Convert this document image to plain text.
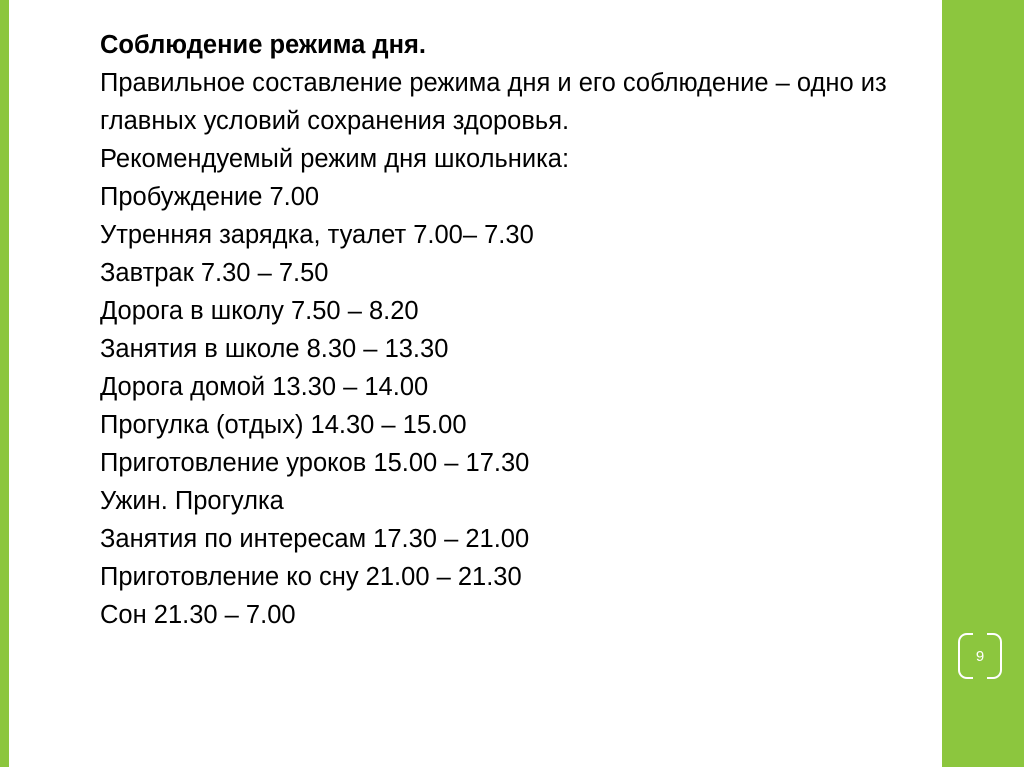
9
Соблюдение режима дня.
Правильное составление режима дня и его соблюдение – одно из главных условий сохранения здоровья.
Рекомендуемый режим дня школьника:
Пробуждение 7.00
Утренняя зарядка, туалет 7.00– 7.30
Завтрак 7.30 – 7.50
Дорога в школу 7.50 – 8.20
Занятия в школе 8.30 – 13.30
Дорога домой 13.30 – 14.00
Прогулка (отдых) 14.30 – 15.00
Приготовление уроков 15.00 – 17.30
Ужин. Прогулка
Занятия по интересам 17.30 – 21.00
Приготовление ко сну 21.00 – 21.30
Сон 21.30 – 7.00
